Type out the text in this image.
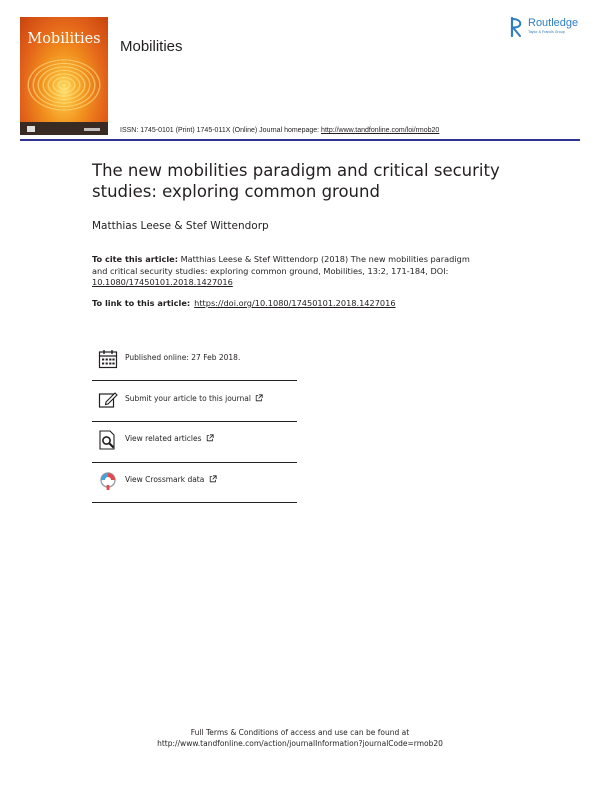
Mobilities	Mobilities
Routledge
Taylor & Francis Group
ISSN: 1745-0101 (Print) 1745-011X (Online) Journal homepage: http://www.tandfonline.com/loi/rmob20
The new mobilities paradigm and critical security studies: exploring common ground
Matthias Leese & Stef Wittendorp
To cite this article: Matthias Leese & Stef Wittendorp (2018) The new mobilities paradigm and critical security studies: exploring common ground, Mobilities, 13:2, 171-184, DOI: 10.1080/17450101.2018.1427016
To link to this article: https://doi.org/10.1080/17450101.2018.1427016
Published online: 27 Feb 2018.
Submit your article to this journal
View related articles
View Crossmark data
Full Terms & Conditions of access and use can be found at
http://www.tandfonline.com/action/journalInformation?journalCode=rmob20
